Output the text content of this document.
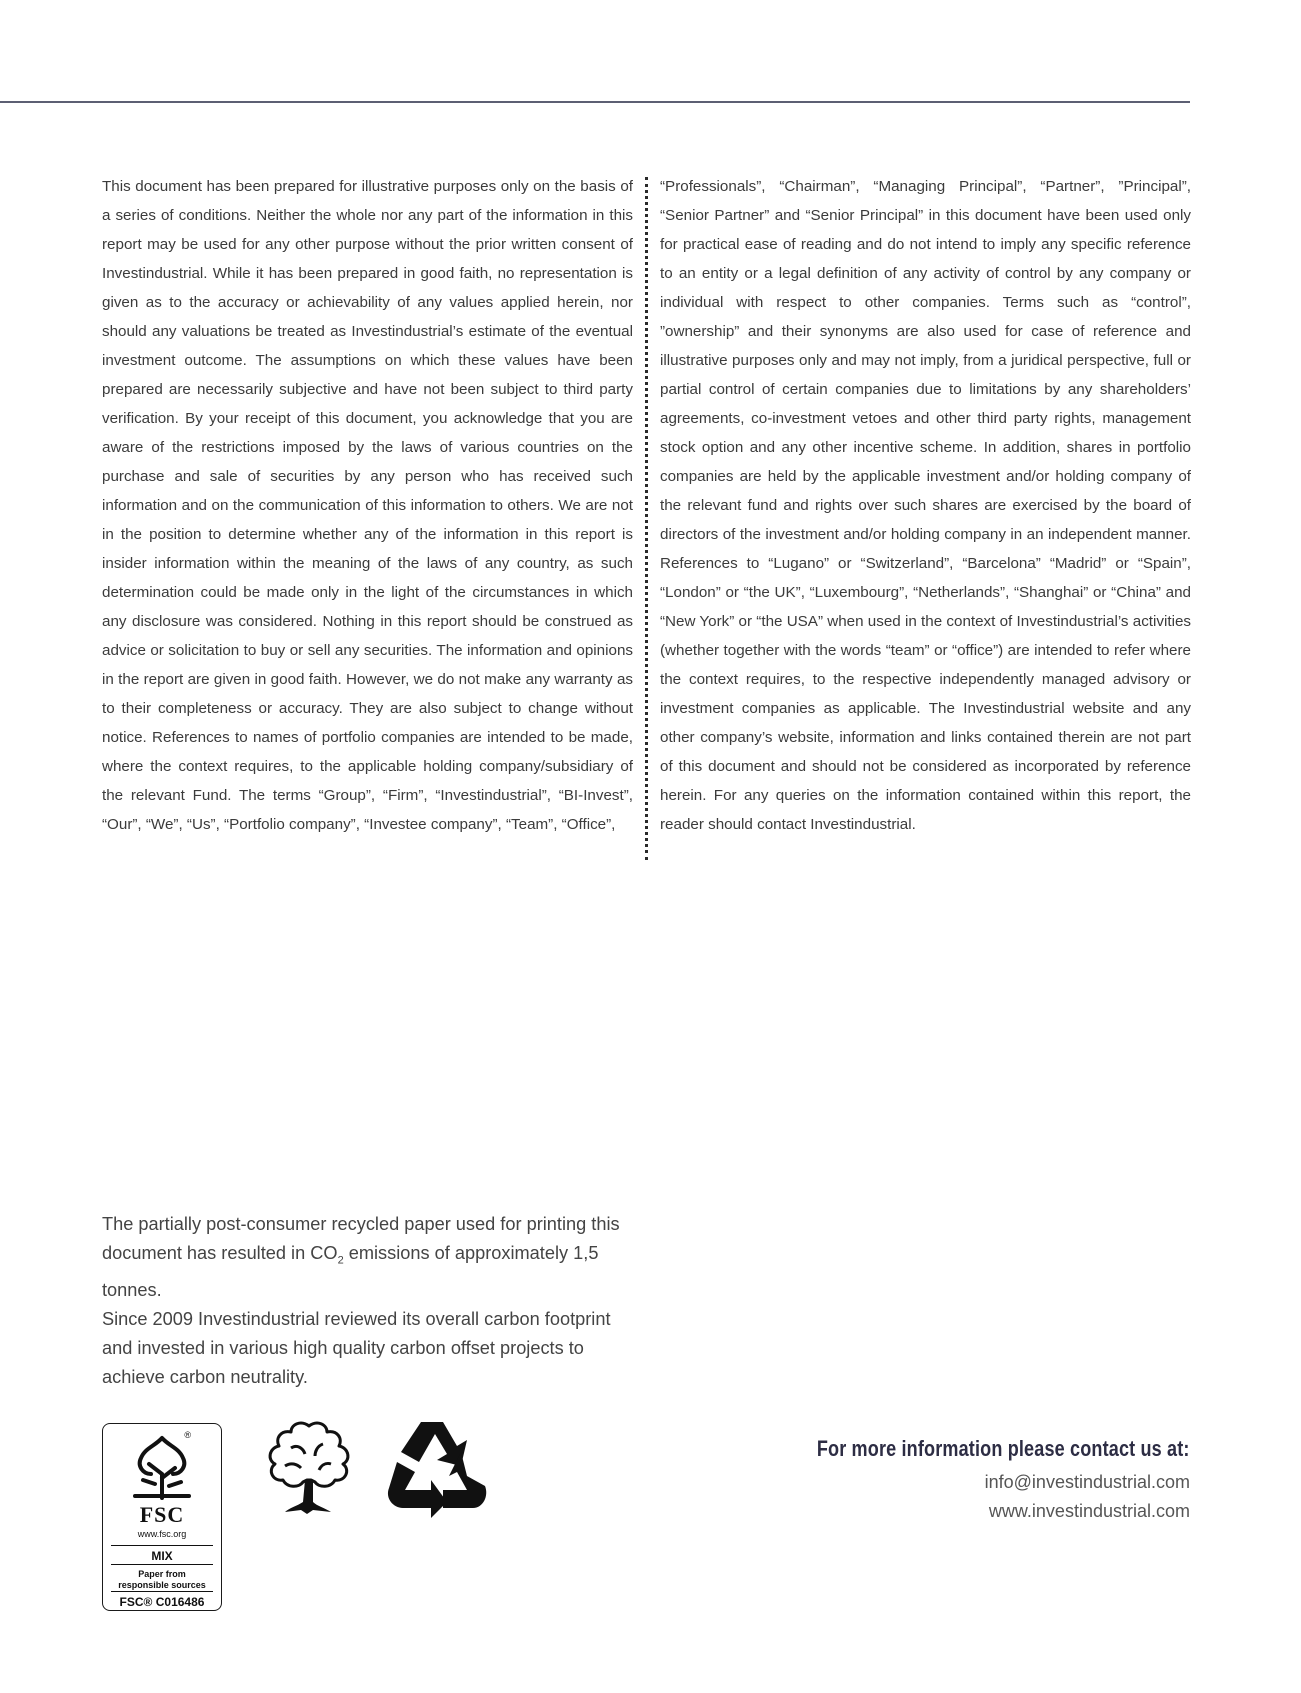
This document has been prepared for illustrative purposes only on the basis of a series of conditions. Neither the whole nor any part of the information in this report may be used for any other purpose without the prior written consent of Investindustrial. While it has been prepared in good faith, no representation is given as to the accuracy or achievability of any values applied herein, nor should any valuations be treated as Investindustrial’s estimate of the eventual investment outcome. The assumptions on which these values have been prepared are necessarily subjective and have not been subject to third party verification. By your receipt of this document, you acknowledge that you are aware of the restrictions imposed by the laws of various countries on the purchase and sale of securities by any person who has received such information and on the communication of this information to others. We are not in the position to determine whether any of the information in this report is insider information within the meaning of the laws of any country, as such determination could be made only in the light of the circumstances in which any disclosure was considered. Nothing in this report should be construed as advice or solicitation to buy or sell any securities. The information and opinions in the report are given in good faith. However, we do not make any warranty as to their completeness or accuracy. They are also subject to change without notice. References to names of portfolio companies are intended to be made, where the context requires, to the applicable holding company/subsidiary of the relevant Fund. The terms “Group”, “Firm”, “Investindustrial”, “BI-Invest”, “Our”, “We”, “Us”, “Portfolio company”, “Investee company”, “Team”, “Office”,
“Professionals”, “Chairman”, “Managing Principal”, “Partner”, ”Principal”, “Senior Partner” and “Senior Principal” in this document have been used only for practical ease of reading and do not intend to imply any specific reference to an entity or a legal definition of any activity of control by any company or individual with respect to other companies. Terms such as “control”, ”ownership” and their synonyms are also used for case of reference and illustrative purposes only and may not imply, from a juridical perspective, full or partial control of certain companies due to limitations by any shareholders’ agreements, co-investment vetoes and other third party rights, management stock option and any other incentive scheme. In addition, shares in portfolio companies are held by the applicable investment and/or holding company of the relevant fund and rights over such shares are exercised by the board of directors of the investment and/or holding company in an independent manner. References to “Lugano” or “Switzerland”, “Barcelona” “Madrid” or “Spain”, “London” or “the UK”, “Luxembourg”, “Netherlands”, “Shanghai” or “China” and “New York” or “the USA” when used in the context of Investindustrial’s activities (whether together with the words “team” or “office”) are intended to refer where the context requires, to the respective independently managed advisory or investment companies as applicable. The Investindustrial website and any other company’s website, information and links contained therein are not part of this document and should not be considered as incorporated by reference herein. For any queries on the information contained within this report, the reader should contact Investindustrial.

The partially post-consumer recycled paper used for printing this document has resulted in $CO_2$ emissions of approximately 1,5 tonnes.

Since 2009 Investindustrial reviewed its overall carbon footprint and invested in various high quality carbon offset projects to achieve carbon neutrality.

®
FSC
www.fsc.org
MIX
Paper from
responsible sources
FSC® C016486
For more information please contact us at:
info@investindustrial.com
www.investindustrial.com
